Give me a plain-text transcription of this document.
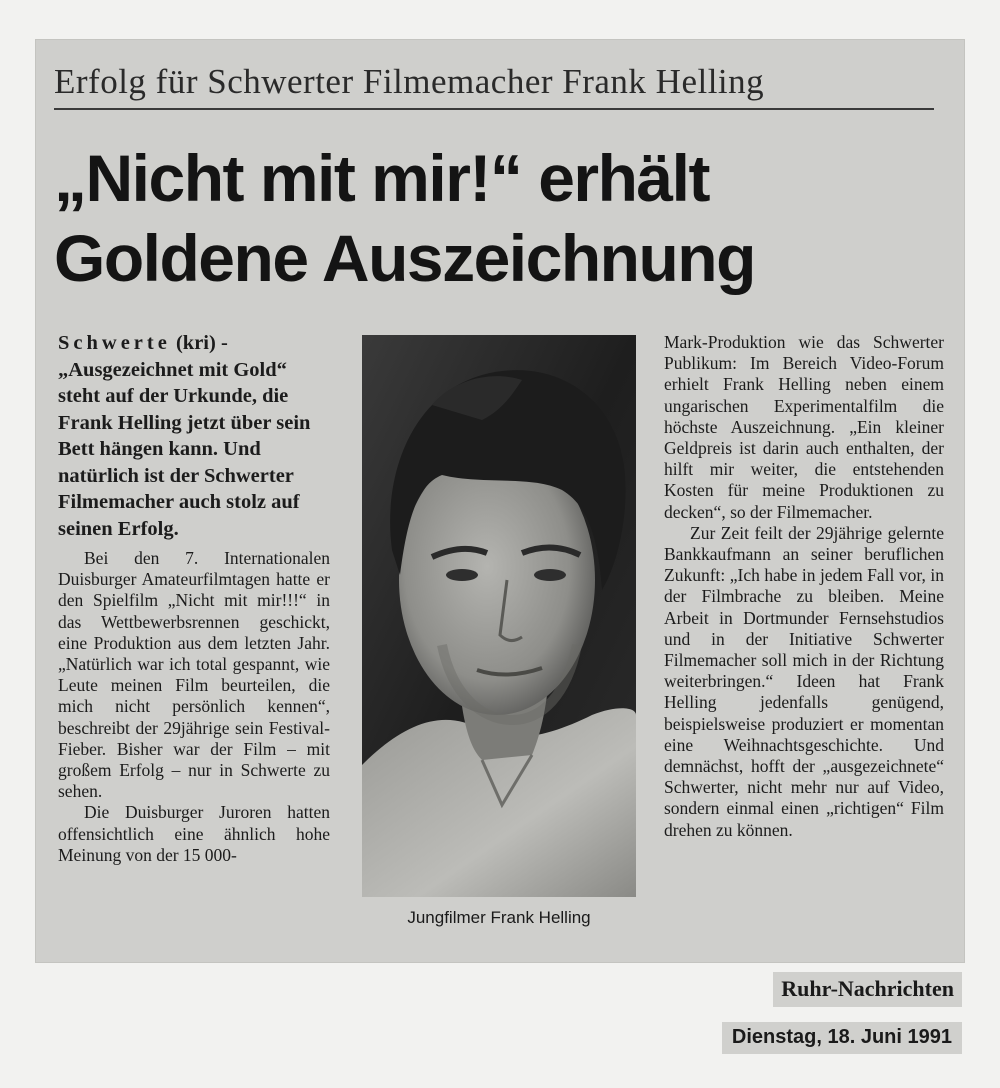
Erfolg für Schwerter Filmemacher Frank Helling
„Nicht mit mir!“ erhält
Goldene Auszeichnung

Schwerte (kri) - „Ausgezeichnet mit Gold“ steht auf der Urkunde, die Frank Helling jetzt über sein Bett hängen kann. Und natürlich ist der Schwerter Filmemacher auch stolz auf seinen Erfolg.

Bei den 7. Internationalen Duisburger Amateurfilmtagen hatte er den Spielfilm „Nicht mit mir!!!“ in das Wettbewerbsrennen geschickt, eine Produktion aus dem letzten Jahr. „Natürlich war ich total gespannt, wie Leute meinen Film beurteilen, die mich nicht persönlich kennen“, beschreibt der 29jährige sein Festival-Fieber. Bisher war der Film – mit großem Erfolg – nur in Schwerte zu sehen.

Die Duisburger Juroren hatten offensichtlich eine ähnlich hohe Meinung von der 15 000-

Jungfilmer Frank Helling

Mark-Produktion wie das Schwerter Publikum: Im Bereich Video-Forum erhielt Frank Helling neben einem ungarischen Experimentalfilm die höchste Auszeichnung. „Ein kleiner Geldpreis ist darin auch enthalten, der hilft mir weiter, die entstehenden Kosten für meine Produktionen zu decken“, so der Filmemacher.

Zur Zeit feilt der 29jährige gelernte Bankkaufmann an seiner beruflichen Zukunft: „Ich habe in jedem Fall vor, in der Filmbrache zu bleiben. Meine Arbeit in Dortmunder Fernsehstudios und in der Initiative Schwerter Filmemacher soll mich in der Richtung weiterbringen.“ Ideen hat Frank Helling jedenfalls genügend, beispielsweise produziert er momentan eine Weihnachtsgeschichte. Und demnächst, hofft der „ausgezeichnete“ Schwerter, nicht mehr nur auf Video, sondern einmal einen „richtigen“ Film drehen zu können.

Ruhr-Nachrichten
Dienstag, 18. Juni 1991
